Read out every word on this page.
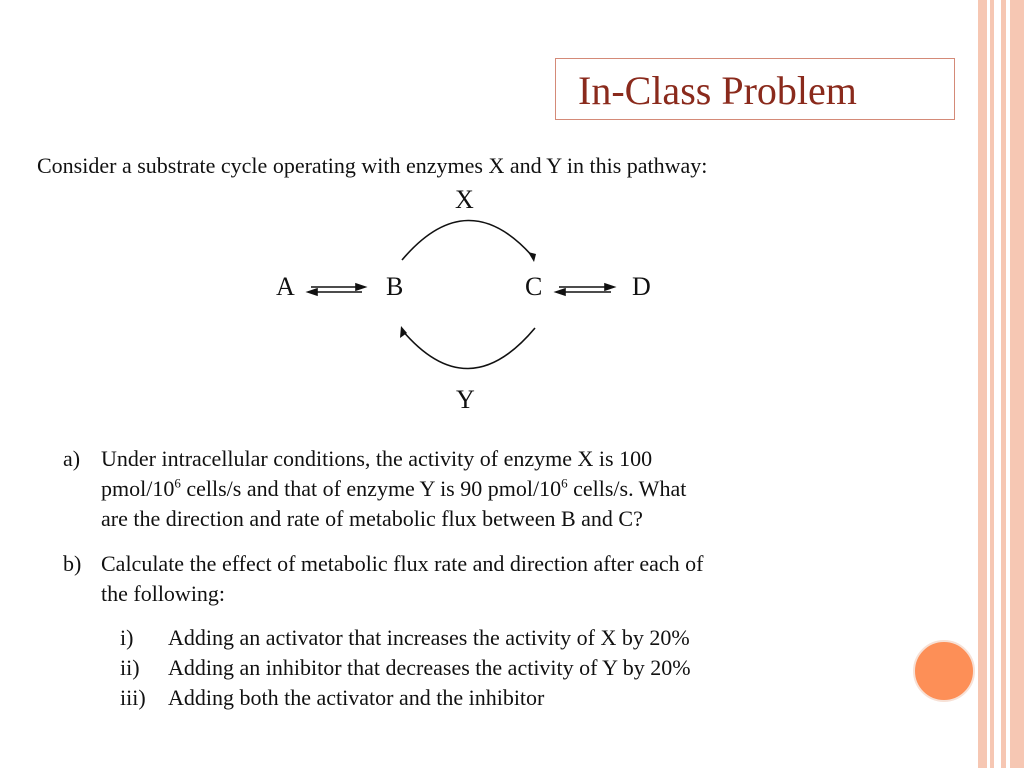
In-Class Problem
Consider a substrate cycle operating with enzymes X and Y in this pathway:
X
A	B	C	D
Y
a) Under intracellular conditions, the activity of enzyme X is 100
pmol/$10^6$ cells/s and that of enzyme Y is 90 pmol/$10^6$ cells/s. What
are the direction and rate of metabolic flux between B and C?
b) Calculate the effect of metabolic flux rate and direction after each of
the following:
i) Adding an activator that increases the activity of X by 20%
ii) Adding an inhibitor that decreases the activity of Y by 20%
iii) Adding both the activator and the inhibitor
